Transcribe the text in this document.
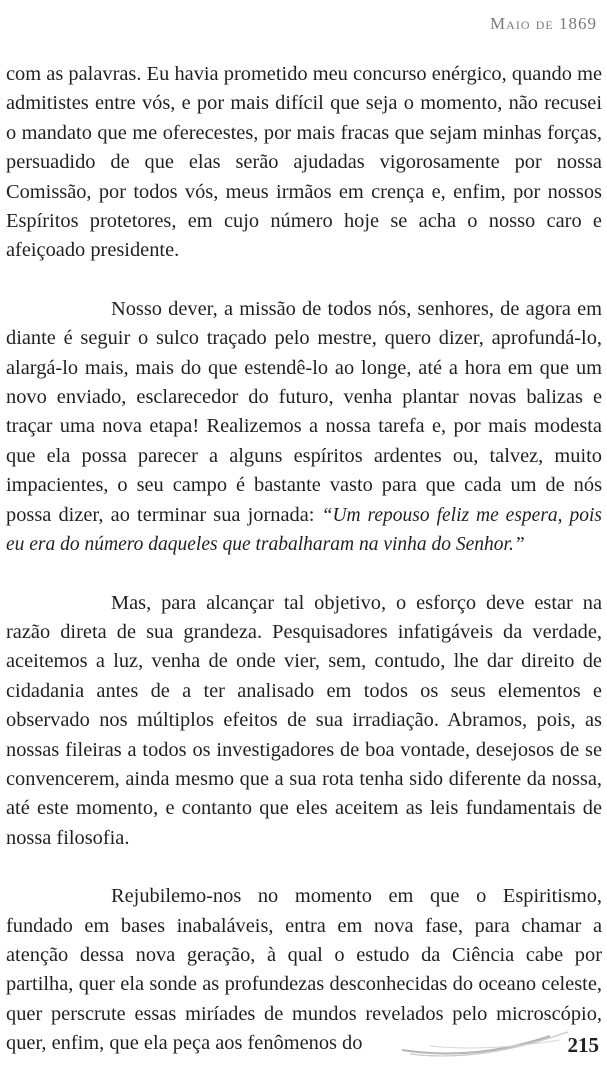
Maio de 1869

com as palavras. Eu havia prometido meu concurso enérgico, quando me admitistes entre vós, e por mais difícil que seja o momento, não recusei o mandato que me oferecestes, por mais fracas que sejam minhas forças, persuadido de que elas serão ajudadas vigorosamente por nossa Comissão, por todos vós, meus irmãos em crença e, enfim, por nossos Espíritos protetores, em cujo número hoje se acha o nosso caro e afeiçoado presidente.

Nosso dever, a missão de todos nós, senhores, de agora em diante é seguir o sulco traçado pelo mestre, quero dizer, aprofundá-lo, alargá-lo mais, mais do que estendê-lo ao longe, até a hora em que um novo enviado, esclarecedor do futuro, venha plantar novas balizas e traçar uma nova etapa! Realizemos a nossa tarefa e, por mais modesta que ela possa parecer a alguns espíritos ardentes ou, talvez, muito impacientes, o seu campo é bastante vasto para que cada um de nós possa dizer, ao terminar sua jornada: “Um repouso feliz me espera, pois eu era do número daqueles que trabalharam na vinha do Senhor.”

Mas, para alcançar tal objetivo, o esforço deve estar na razão direta de sua grandeza. Pesquisadores infatigáveis da verdade, aceitemos a luz, venha de onde vier, sem, contudo, lhe dar direito de cidadania antes de a ter analisado em todos os seus elementos e observado nos múltiplos efeitos de sua irradiação. Abramos, pois, as nossas fileiras a todos os investigadores de boa vontade, desejosos de se convencerem, ainda mesmo que a sua rota tenha sido diferente da nossa, até este momento, e contanto que eles aceitem as leis fundamentais de nossa filosofia.

Rejubilemo-nos no momento em que o Espiritismo, fundado em bases inabaláveis, entra em nova fase, para chamar a atenção dessa nova geração, à qual o estudo da Ciência cabe por partilha, quer ela sonde as profundezas desconhecidas do oceano celeste, quer perscrute essas miríades de mundos revelados pelo microscópio, quer, enfim, que ela peça aos fenômenos do	215
